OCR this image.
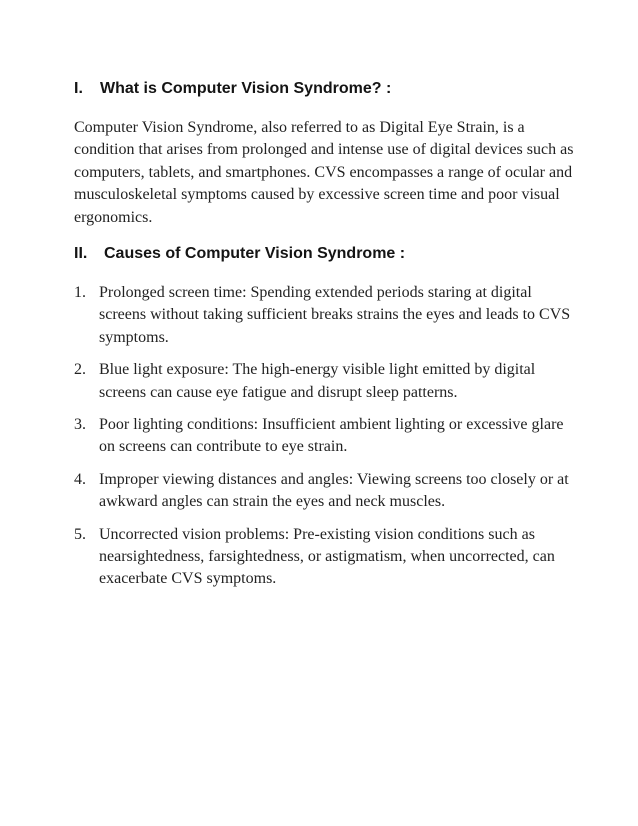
I. What is Computer Vision Syndrome? :

Computer Vision Syndrome, also referred to as Digital Eye Strain, is a condition that arises from prolonged and intense use of digital devices such as computers, tablets, and smartphones. CVS encompasses a range of ocular and musculoskeletal symptoms caused by excessive screen time and poor visual ergonomics.

II. Causes of Computer Vision Syndrome :
1. Prolonged screen time: Spending extended periods staring at digital screens without taking sufficient breaks strains the eyes and leads to CVS symptoms.
2. Blue light exposure: The high-energy visible light emitted by digital screens can cause eye fatigue and disrupt sleep patterns.
3. Poor lighting conditions: Insufficient ambient lighting or excessive glare on screens can contribute to eye strain.
4. Improper viewing distances and angles: Viewing screens too closely or at awkward angles can strain the eyes and neck muscles.
5. Uncorrected vision problems: Pre-existing vision conditions such as nearsightedness, farsightedness, or astigmatism, when uncorrected, can exacerbate CVS symptoms.
